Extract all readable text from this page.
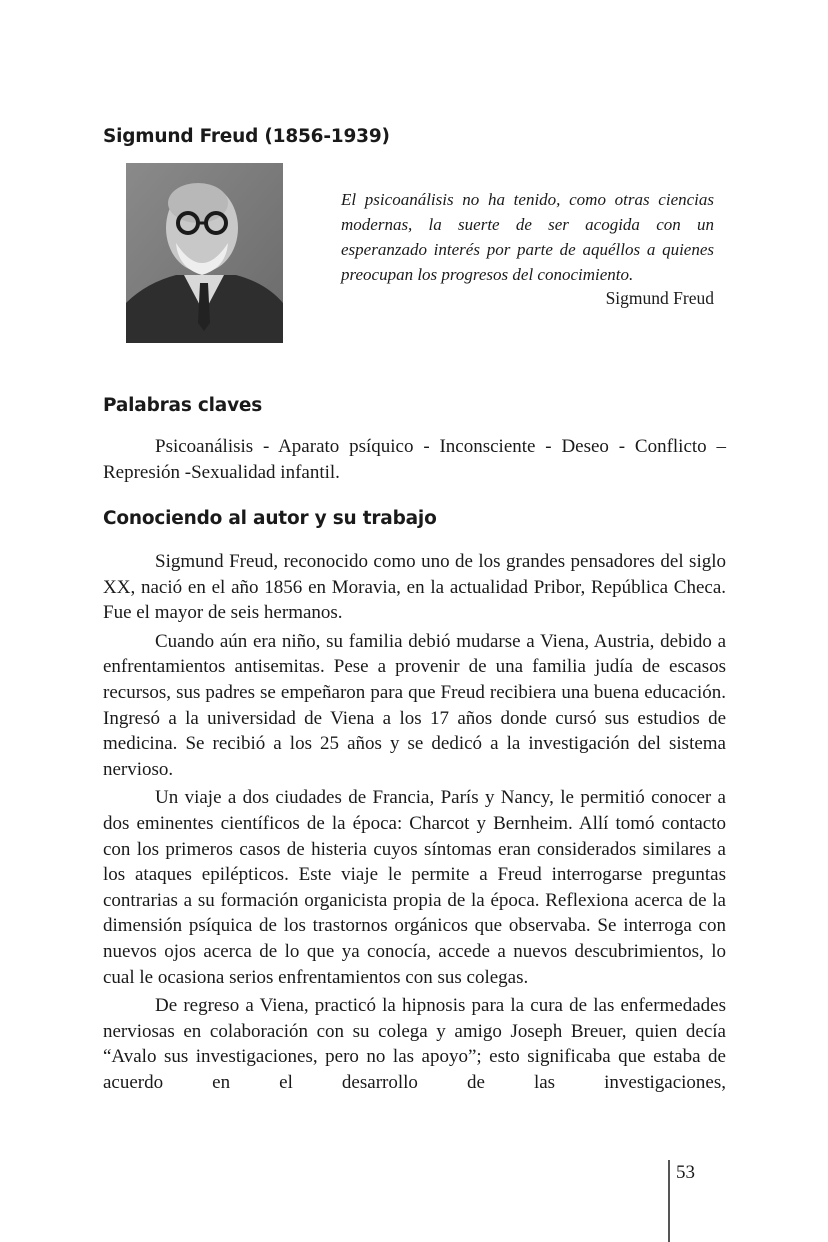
Sigmund Freud (1856-1939)
El psicoanálisis no ha tenido, como otras ciencias modernas, la suerte de ser acogida con un esperanzado interés por parte de aquéllos a quienes preocupan los progresos del conocimiento.
Sigmund Freud
Palabras claves

Psicoanálisis - Aparato psíquico - Inconsciente - Deseo - Conflicto – Represión -Sexualidad infantil.

Conociendo al autor y su trabajo

Sigmund Freud, reconocido como uno de los grandes pensadores del siglo XX, nació en el año 1856 en Moravia, en la actualidad Pribor, República Checa. Fue el mayor de seis hermanos.

Cuando aún era niño, su familia debió mudarse a Viena, Austria, debido a enfrentamientos antisemitas. Pese a provenir de una familia judía de escasos recursos, sus padres se empeñaron para que Freud recibiera una buena educación. Ingresó a la universidad de Viena a los 17 años donde cursó sus estudios de medicina. Se recibió a los 25 años y se dedicó a la investigación del sistema nervioso.

Un viaje a dos ciudades de Francia, París y Nancy, le permitió conocer a dos eminentes científicos de la época: Charcot y Bernheim. Allí tomó contacto con los primeros casos de histeria cuyos síntomas eran considerados similares a los ataques epilépticos. Este viaje le permite a Freud interrogarse preguntas contrarias a su formación organicista propia de la época. Reflexiona acerca de la dimensión psíquica de los trastornos orgánicos que observaba. Se interroga con nuevos ojos acerca de lo que ya conocía, accede a nuevos descubrimientos, lo cual le ocasiona serios enfrentamientos con sus colegas.

De regreso a Viena, practicó la hipnosis para la cura de las enfermedades nerviosas en colaboración con su colega y amigo Joseph Breuer, quien decía “Avalo sus investigaciones, pero no las apoyo”; esto significaba que estaba de acuerdo en el desarrollo de las investigaciones,

53
